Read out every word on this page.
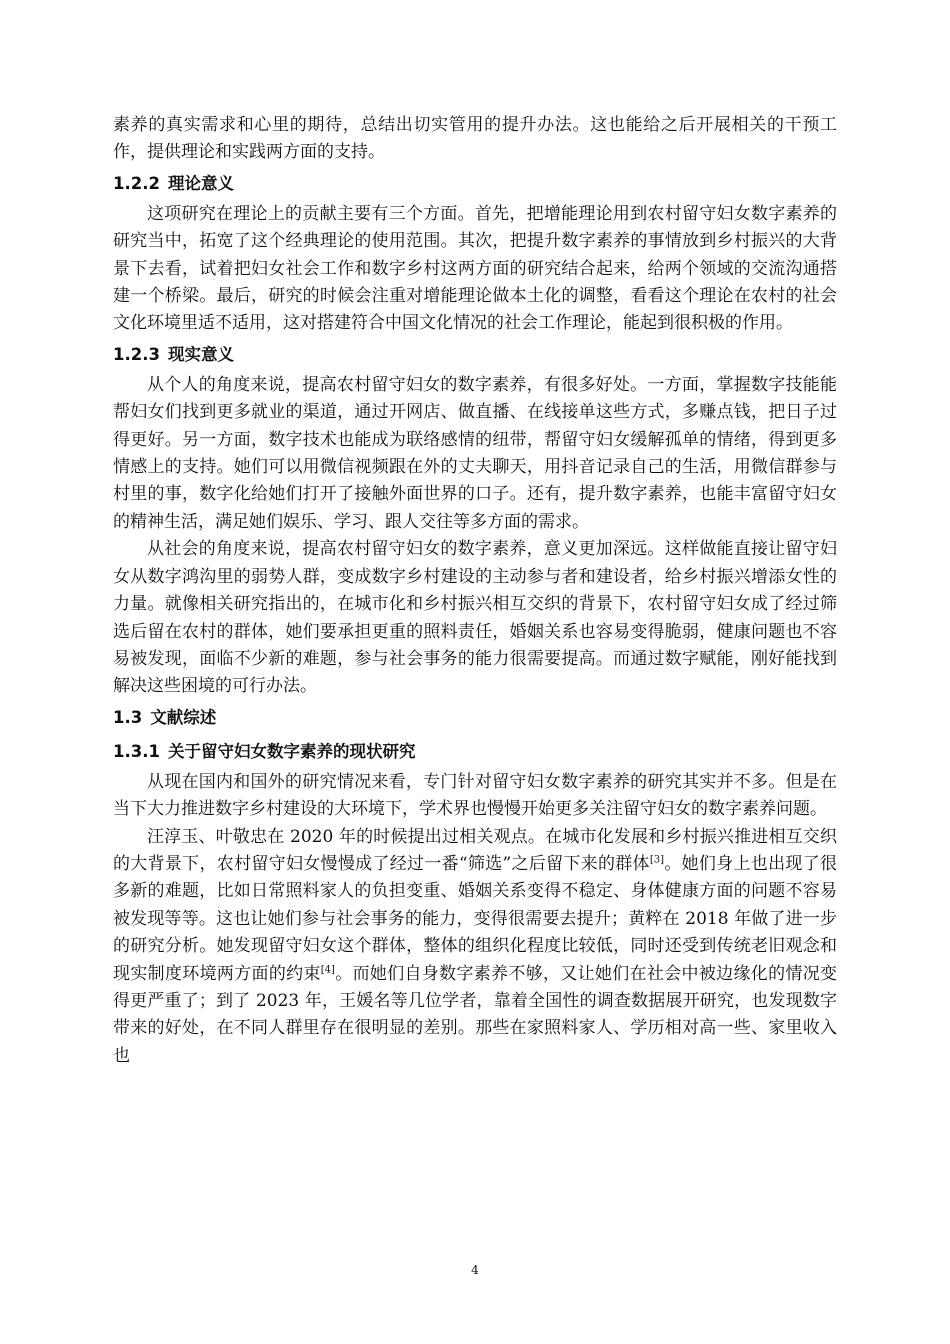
素养的真实需求和心里的期待，总结出切实管用的提升办法。这也能给之后开展相关的干预工作，提供理论和实践两方面的支持。

1.2.2 理论意义

这项研究在理论上的贡献主要有三个方面。首先，把增能理论用到农村留守妇女数字素养的研究当中，拓宽了这个经典理论的使用范围。其次，把提升数字素养的事情放到乡村振兴的大背景下去看，试着把妇女社会工作和数字乡村这两方面的研究结合起来，给两个领域的交流沟通搭建一个桥梁。最后，研究的时候会注重对增能理论做本土化的调整，看看这个理论在农村的社会文化环境里适不适用，这对搭建符合中国文化情况的社会工作理论，能起到很积极的作用。

1.2.3 现实意义

从个人的角度来说，提高农村留守妇女的数字素养，有很多好处。一方面，掌握数字技能能帮妇女们找到更多就业的渠道，通过开网店、做直播、在线接单这些方式，多赚点钱，把日子过得更好。另一方面，数字技术也能成为联络感情的纽带，帮留守妇女缓解孤单的情绪，得到更多情感上的支持。她们可以用微信视频跟在外的丈夫聊天，用抖音记录自己的生活，用微信群参与村里的事，数字化给她们打开了接触外面世界的口子。还有，提升数字素养，也能丰富留守妇女的精神生活，满足她们娱乐、学习、跟人交往等多方面的需求。

从社会的角度来说，提高农村留守妇女的数字素养，意义更加深远。这样做能直接让留守妇女从数字鸿沟里的弱势人群，变成数字乡村建设的主动参与者和建设者，给乡村振兴增添女性的力量。就像相关研究指出的，在城市化和乡村振兴相互交织的背景下，农村留守妇女成了经过筛选后留在农村的群体，她们要承担更重的照料责任，婚姻关系也容易变得脆弱，健康问题也不容易被发现，面临不少新的难题，参与社会事务的能力很需要提高。而通过数字赋能，刚好能找到解决这些困境的可行办法。

1.3 文献综述
1.3.1 关于留守妇女数字素养的现状研究

从现在国内和国外的研究情况来看，专门针对留守妇女数字素养的研究其实并不多。但是在当下大力推进数字乡村建设的大环境下，学术界也慢慢开始更多关注留守妇女的数字素养问题。

汪淳玉、叶敬忠在 2020 年的时候提出过相关观点。在城市化发展和乡村振兴推进相互交织的大背景下，农村留守妇女慢慢成了经过一番“筛选”之后留下来的群体[3]。她们身上也出现了很多新的难题，比如日常照料家人的负担变重、婚姻关系变得不稳定、身体健康方面的问题不容易被发现等等。这也让她们参与社会事务的能力，变得很需要去提升；黄粹在 2018 年做了进一步的研究分析。她发现留守妇女这个群体，整体的组织化程度比较低，同时还受到传统老旧观念和现实制度环境两方面的约束[4]。而她们自身数字素养不够，又让她们在社会中被边缘化的情况变得更严重了；到了 2023 年，王媛名等几位学者，靠着全国性的调查数据展开研究，也发现数字带来的好处，在不同人群里存在很明显的差别。那些在家照料家人、学历相对高一些、家里收入也

4
